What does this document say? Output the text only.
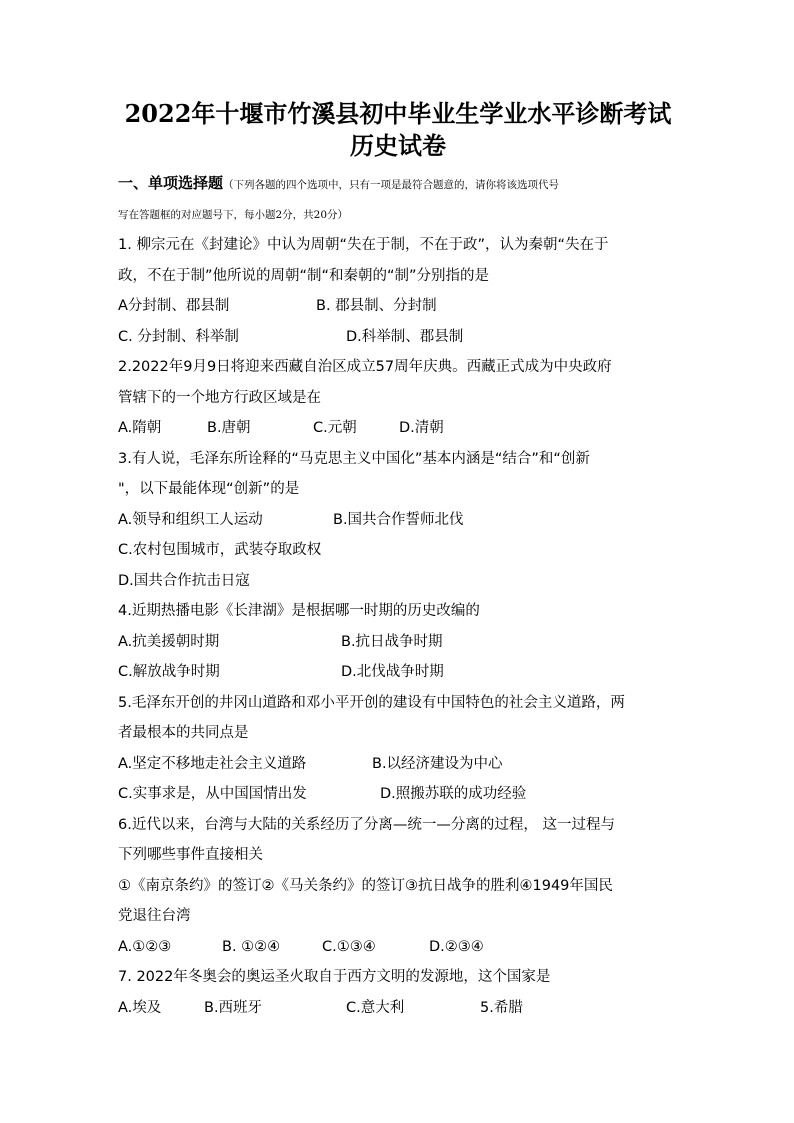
2022年十堰市竹溪县初中毕业生学业水平诊断考试
历史试卷
一、单项选择题（下列各题的四个选项中，只有一项是最符合题意的，请你将该选项代号
写在答题框的对应题号下，每小题2分，共20分）
1. 柳宗元在《封建论》中认为周朝“失在于制，不在于政”，认为秦朝“失在于
政，不在于制”他所说的周朝“制“和秦朝的“制”分别指的是
A分封制、郡县制	B. 郡县制、分封制
C. 分封制、科举制	D.科举制、郡县制
2.2022年9月9日将迎来西藏自治区成立57周年庆典。西藏正式成为中央政府
管辖下的一个地方行政区域是在
A.隋朝	B.唐朝	C.元朝	D.清朝
3.有人说，毛泽东所诠释的“马克思主义中国化”基本内涵是“结合”和“创新
"，以下最能体现“创新”的是
A.领导和组织工人运动	B.国共合作誓师北伐
C.农村包围城市，武装夺取政权
D.国共合作抗击日寇
4.近期热播电影《长津湖》是根据哪一时期的历史改编的
A.抗美援朝时期	B.抗日战争时期
C.解放战争时期	D.北伐战争时期
5.毛泽东开创的井冈山道路和邓小平开创的建设有中国特色的社会主义道路，两
者最根本的共同点是
A.坚定不移地走社会主义道路	B.以经济建设为中心
C.实事求是，从中国国情出发	D.照搬苏联的成功经验
6.近代以来，台湾与大陆的关系经历了分离—统一—分离的过程， 这一过程与
下列哪些事件直接相关
①《南京条约》的签订②《马关条约》的签订③抗日战争的胜利④1949年国民
党退往台湾
A.①②③	B. ①②④	C.①③④	D.②③④
7. 2022年冬奥会的奥运圣火取自于西方文明的发源地，这个国家是
A.埃及	B.西班牙	C.意大利	5.希腊
